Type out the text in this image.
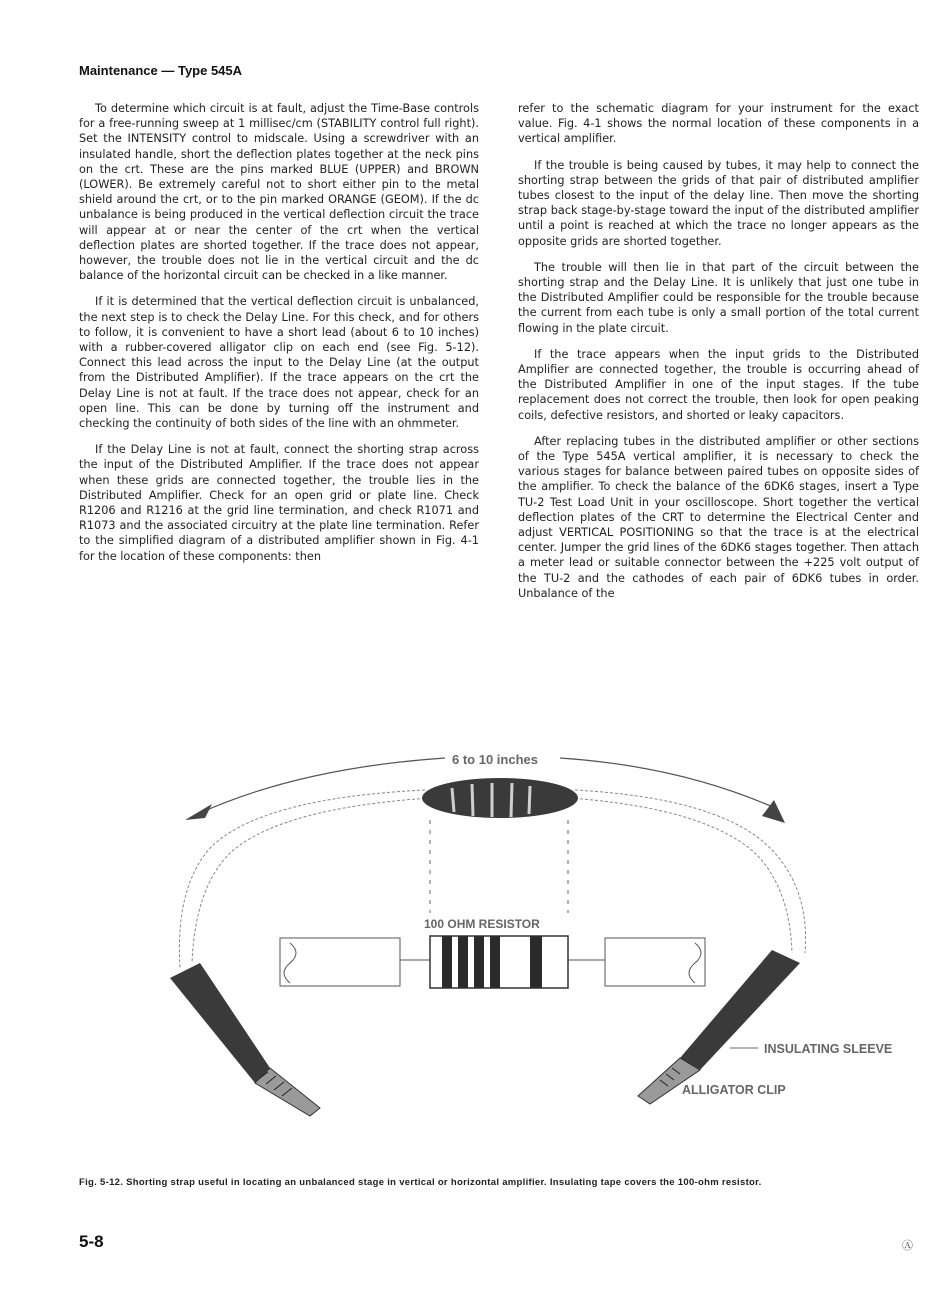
Maintenance — Type 545A

To determine which circuit is at fault, adjust the Time-Base controls for a free-running sweep at 1 millisec/cm (STABILITY control full right). Set the INTENSITY control to midscale. Using a screwdriver with an insulated handle, short the deflection plates together at the neck pins on the crt. These are the pins marked BLUE (UPPER) and BROWN (LOWER). Be extremely careful not to short either pin to the metal shield around the crt, or to the pin marked ORANGE (GEOM). If the dc unbalance is being produced in the vertical deflection circuit the trace will appear at or near the center of the crt when the vertical deflection plates are shorted together. If the trace does not appear, however, the trouble does not lie in the vertical circuit and the dc balance of the horizontal circuit can be checked in a like manner.

If it is determined that the vertical deflection circuit is unbalanced, the next step is to check the Delay Line. For this check, and for others to follow, it is convenient to have a short lead (about 6 to 10 inches) with a rubber-covered alligator clip on each end (see Fig. 5-12). Connect this lead across the input to the Delay Line (at the output from the Distributed Amplifier). If the trace appears on the crt the Delay Line is not at fault. If the trace does not appear, check for an open line. This can be done by turning off the instrument and checking the continuity of both sides of the line with an ohmmeter.

If the Delay Line is not at fault, connect the shorting strap across the input of the Distributed Amplifier. If the trace does not appear when these grids are connected together, the trouble lies in the Distributed Amplifier. Check for an open grid or plate line. Check R1206 and R1216 at the grid line termination, and check R1071 and R1073 and the associated circuitry at the plate line termination. Refer to the simplified diagram of a distributed amplifier shown in Fig. 4-1 for the location of these components: then

refer to the schematic diagram for your instrument for the exact value. Fig. 4-1 shows the normal location of these components in a vertical amplifier.

If the trouble is being caused by tubes, it may help to connect the shorting strap between the grids of that pair of distributed amplifier tubes closest to the input of the delay line. Then move the shorting strap back stage-by-stage toward the input of the distributed amplifier until a point is reached at which the trace no longer appears as the opposite grids are shorted together.

The trouble will then lie in that part of the circuit between the shorting strap and the Delay Line. It is unlikely that just one tube in the Distributed Amplifier could be responsible for the trouble because the current from each tube is only a small portion of the total current flowing in the plate circuit.

If the trace appears when the input grids to the Distributed Amplifier are connected together, the trouble is occurring ahead of the Distributed Amplifier in one of the input stages. If the tube replacement does not correct the trouble, then look for open peaking coils, defective resistors, and shorted or leaky capacitors.

After replacing tubes in the distributed amplifier or other sections of the Type 545A vertical amplifier, it is necessary to check the various stages for balance between paired tubes on opposite sides of the amplifier. To check the balance of the 6DK6 stages, insert a Type TU-2 Test Load Unit in your oscilloscope. Short together the vertical deflection plates of the CRT to determine the Electrical Center and adjust VERTICAL POSITIONING so that the trace is at the electrical center. Jumper the grid lines of the 6DK6 stages together. Then attach a meter lead or suitable connector between the +225 volt output of the TU-2 and the cathodes of each pair of 6DK6 tubes in order. Unbalance of the

6 to 10 inches
100 OHM RESISTOR
INSULATING SLEEVE
ALLIGATOR CLIP
Fig. 5-12. Shorting strap useful in locating an unbalanced stage in vertical or horizontal amplifier. Insulating tape covers the 100-ohm resistor.
5-8	Ⓐ
